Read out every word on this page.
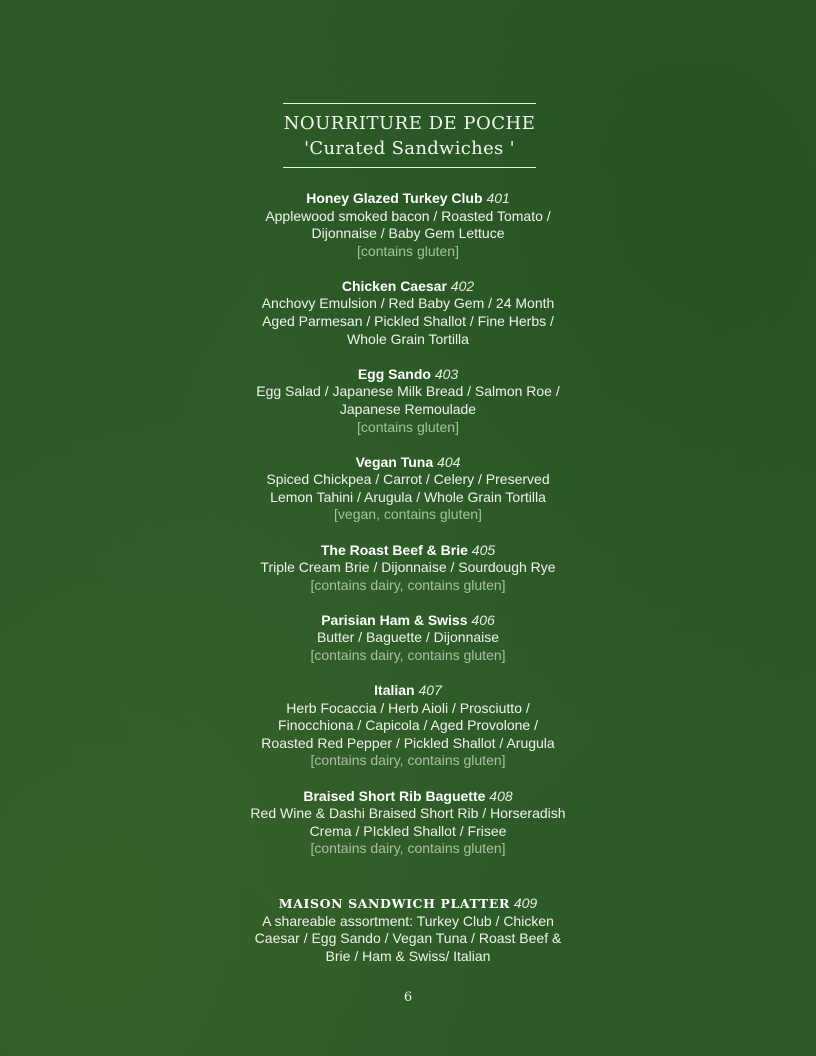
NOURRITURE DE POCHE
'Curated Sandwiches '
Honey Glazed Turkey Club 401
Applewood smoked bacon / Roasted Tomato /
Dijonnaise / Baby Gem Lettuce
[contains gluten]
Chicken Caesar 402
Anchovy Emulsion / Red Baby Gem / 24 Month
Aged Parmesan / Pickled Shallot / Fine Herbs /
Whole Grain Tortilla
Egg Sando 403
Egg Salad / Japanese Milk Bread / Salmon Roe /
Japanese Remoulade
[contains gluten]
Vegan Tuna 404
Spiced Chickpea / Carrot / Celery / Preserved
Lemon Tahini / Arugula / Whole Grain Tortilla
[vegan, contains gluten]
The Roast Beef & Brie 405
Triple Cream Brie / Dijonnaise / Sourdough Rye
[contains dairy, contains gluten]
Parisian Ham & Swiss 406
Butter / Baguette / Dijonnaise
[contains dairy, contains gluten]
Italian 407
Herb Focaccia / Herb Aioli / Prosciutto /
Finocchiona / Capicola / Aged Provolone /
Roasted Red Pepper / Pickled Shallot / Arugula
[contains dairy, contains gluten]
Braised Short Rib Baguette 408
Red Wine & Dashi Braised Short Rib / Horseradish
Crema / PIckled Shallot / Frisee
[contains dairy, contains gluten]
MAISON SANDWICH PLATTER 409
A shareable assortment: Turkey Club / Chicken
Caesar / Egg Sando / Vegan Tuna / Roast Beef &
Brie / Ham & Swiss/ Italian
6
